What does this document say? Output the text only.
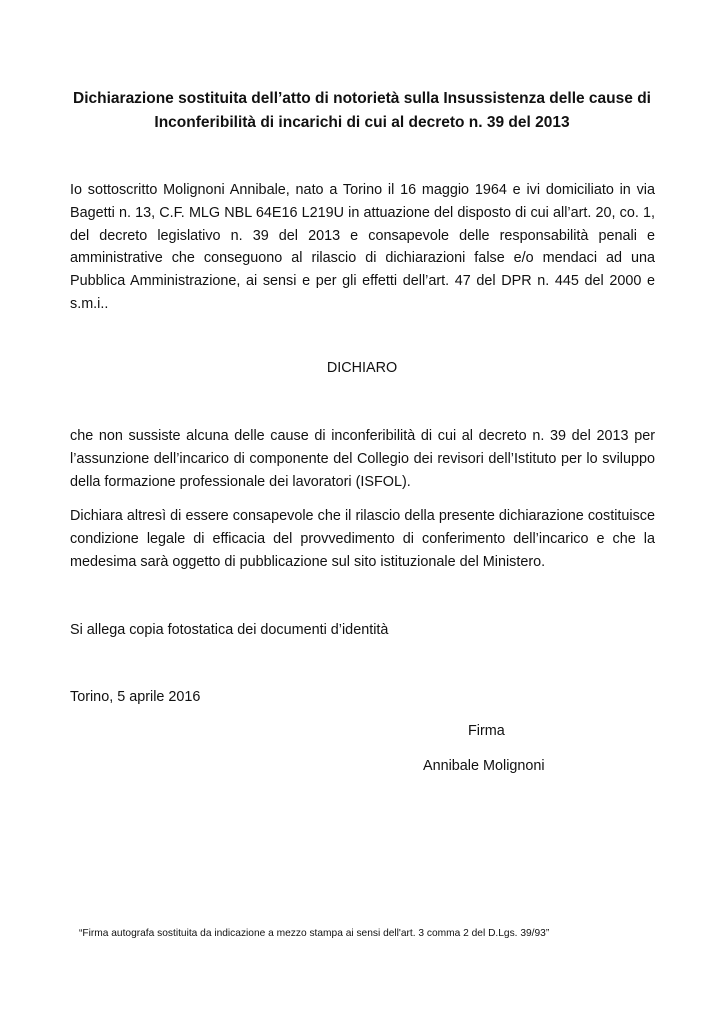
Dichiarazione sostituita dell’atto di notorietà sulla Insussistenza delle cause di
Inconferibilità di incarichi di cui al decreto n. 39 del 2013
Io sottoscritto Molignoni Annibale, nato a Torino il 16 maggio 1964 e ivi domiciliato in via Bagetti n. 13, C.F. MLG NBL 64E16 L219U in attuazione del disposto di cui all’art. 20, co. 1, del decreto legislativo n. 39 del 2013 e consapevole delle responsabilità penali e amministrative che conseguono al rilascio di dichiarazioni false e/o mendaci ad una Pubblica Amministrazione, ai sensi e per gli effetti dell’art. 47 del DPR n. 445 del 2000 e s.m.i..
DICHIARO
che non sussiste alcuna delle cause di inconferibilità di cui al decreto n. 39 del 2013 per l’assunzione dell’incarico di componente del Collegio dei revisori dell’Istituto per lo sviluppo della formazione professionale dei lavoratori (ISFOL).
Dichiara altresì di essere consapevole che il rilascio della presente dichiarazione costituisce condizione legale di efficacia del provvedimento di conferimento dell’incarico e che la medesima sarà oggetto di pubblicazione sul sito istituzionale del Ministero.
Si allega copia fotostatica dei documenti d’identità
Torino, 5 aprile 2016
Firma
Annibale Molignoni
“Firma autografa sostituita da indicazione a mezzo stampa ai sensi dell'art. 3 comma 2 del D.Lgs. 39/93”
